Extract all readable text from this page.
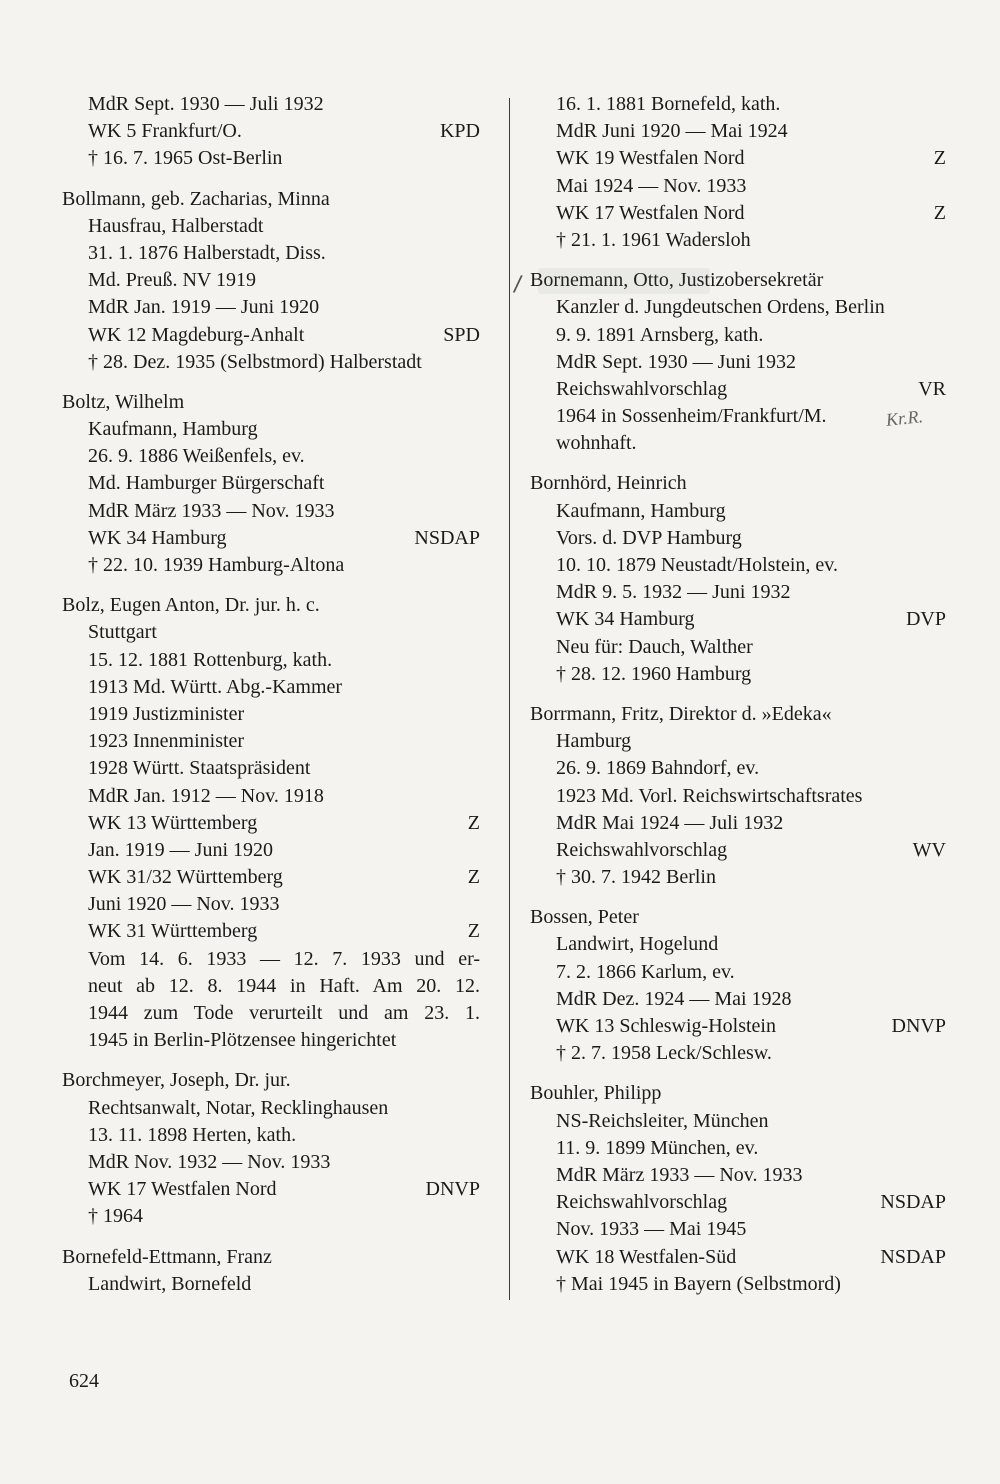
MdR Sept. 1930 — Juli 1932
WK 5 Frankfurt/O.	KPD
† 16. 7. 1965 Ost-Berlin
Bollmann, geb. Zacharias, Minna
Hausfrau, Halberstadt
31. 1. 1876 Halberstadt, Diss.
Md. Preuß. NV 1919
MdR Jan. 1919 — Juni 1920
WK 12 Magdeburg-Anhalt	SPD
† 28. Dez. 1935 (Selbstmord) Halberstadt
Boltz, Wilhelm
Kaufmann, Hamburg
26. 9. 1886 Weißenfels, ev.
Md. Hamburger Bürgerschaft
MdR März 1933 — Nov. 1933
WK 34 Hamburg	NSDAP
† 22. 10. 1939 Hamburg-Altona
Bolz, Eugen Anton, Dr. jur. h. c.
Stuttgart
15. 12. 1881 Rottenburg, kath.
1913 Md. Württ. Abg.-Kammer
1919 Justizminister
1923 Innenminister
1928 Württ. Staatspräsident
MdR Jan. 1912 — Nov. 1918
WK 13 Württemberg	Z
Jan. 1919 — Juni 1920
WK 31/32 Württemberg	Z
Juni 1920 — Nov. 1933
WK 31 Württemberg	Z
Vom 14. 6. 1933 — 12. 7. 1933 und er-
neut ab 12. 8. 1944 in Haft. Am 20. 12.
1944 zum Tode verurteilt und am 23. 1.
1945 in Berlin-Plötzensee hingerichtet
Borchmeyer, Joseph, Dr. jur.
Rechtsanwalt, Notar, Recklinghausen
13. 11. 1898 Herten, kath.
MdR Nov. 1932 — Nov. 1933
WK 17 Westfalen Nord	DNVP
† 1964
Bornefeld-Ettmann, Franz
Landwirt, Bornefeld
16. 1. 1881 Bornefeld, kath.
MdR Juni 1920 — Mai 1924
WK 19 Westfalen Nord	Z
Mai 1924 — Nov. 1933
WK 17 Westfalen Nord	Z
† 21. 1. 1961 Wadersloh
Bornemann, Otto, Justizobersekretär
Kanzler d. Jungdeutschen Ordens, Berlin
9. 9. 1891 Arnsberg, kath.
MdR Sept. 1930 — Juni 1932
Reichswahlvorschlag	VR
1964 in Sossenheim/Frankfurt/M.
wohnhaft.
Bornhörd, Heinrich
Kaufmann, Hamburg
Vors. d. DVP Hamburg
10. 10. 1879 Neustadt/Holstein, ev.
MdR 9. 5. 1932 — Juni 1932
WK 34 Hamburg	DVP
Neu für: Dauch, Walther
† 28. 12. 1960 Hamburg
Borrmann, Fritz, Direktor d. »Edeka«
Hamburg
26. 9. 1869 Bahndorf, ev.
1923 Md. Vorl. Reichswirtschaftsrates
MdR Mai 1924 — Juli 1932
Reichswahlvorschlag	WV
† 30. 7. 1942 Berlin
Bossen, Peter
Landwirt, Hogelund
7. 2. 1866 Karlum, ev.
MdR Dez. 1924 — Mai 1928
WK 13 Schleswig-Holstein	DNVP
† 2. 7. 1958 Leck/Schlesw.
Bouhler, Philipp
NS-Reichsleiter, München
11. 9. 1899 München, ev.
MdR März 1933 — Nov. 1933
Reichswahlvorschlag	NSDAP
Nov. 1933 — Mai 1945
WK 18 Westfalen-Süd	NSDAP
† Mai 1945 in Bayern (Selbstmord)
/
Kr.R.
624
